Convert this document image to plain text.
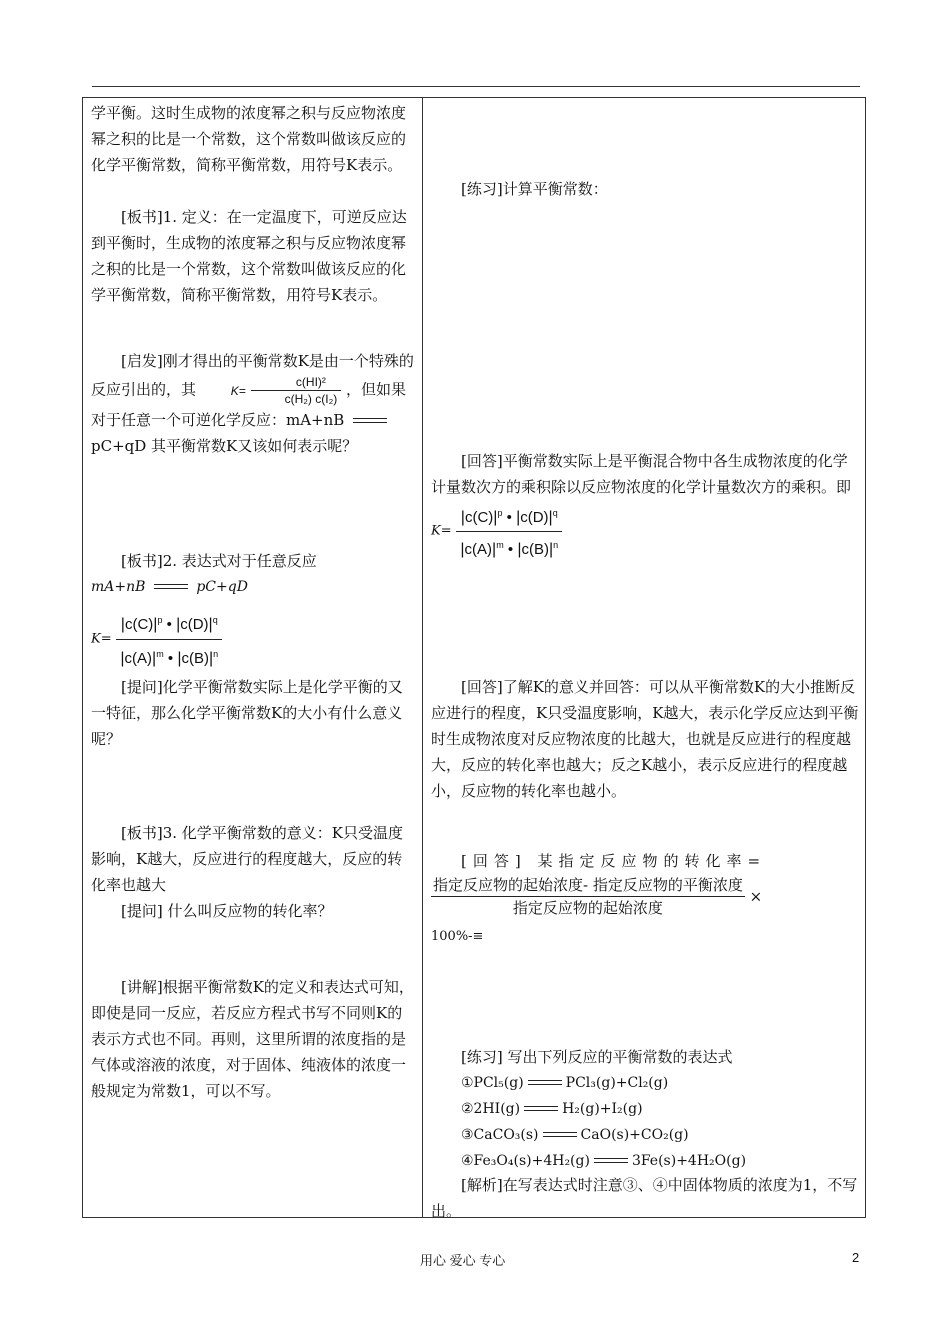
学平衡。这时生成物的浓度幂之积与反应物浓度幂之积的比是一个常数，这个常数叫做该反应的化学平衡常数，简称平衡常数，用符号K表示。
[板书]1. 定义：在一定温度下，可逆反应达到平衡时，生成物的浓度幂之积与反应物浓度幂之积的比是一个常数，这个常数叫做该反应的化学平衡常数，简称平衡常数，用符号K表示。
[启发]刚才得出的平衡常数K是由一个特殊的反应引出的，其	$K= \frac{\text{c(HI)²}}{\text{c(H₂) c(I₂)}}$ ，但如果对于任意一个可逆化学反应：mA+nB  pC+qD 其平衡常数K又该如何表示呢？
[板书]2. 表达式对于任意反应
mA+nB	pC+qD
$K= \frac{|c(C)|^p • |c(D)|^q}{|c(A)|^m • |c(B)|^n}$
[提问]化学平衡常数实际上是化学平衡的又一特征，那么化学平衡常数K的大小有什么意义呢？
[板书]3. 化学平衡常数的意义：K只受温度影响，K越大，反应进行的程度越大，反应的转化率也越大
[提问] 什么叫反应物的转化率？
[讲解]根据平衡常数K的定义和表达式可知，即使是同一反应，若反应方程式书写不同则K的表示方式也不同。再则，这里所谓的浓度指的是气体或溶液的浓度，对于固体、纯液体的浓度一般规定为常数1，可以不写。
[练习]计算平衡常数：
[回答]平衡常数实际上是平衡混合物中各生成物浓度的化学计量数次方的乘积除以反应物浓度的化学计量数次方的乘积。即 $K= \frac{|c(C)|^p • |c(D)|^q}{|c(A)|^m • |c(B)|^n}$
[回答]了解K的意义并回答：可以从平衡常数K的大小推断反应进行的程度，K只受温度影响，K越大，表示化学反应达到平衡时生成物浓度对反应物浓度的比越大，也就是反应进行的程度越大，反应的转化率也越大；反之K越小，表示反应进行的程度越小，反应物的转化率也越小。
[回答] 某指定反应物的转化率=
$\frac{\text{指定反应物的起始浓度- 指定反应物的平衡浓度}}{\text{指定反应物的起始浓度}}$ ×
100%-≡
[练习] 写出下列反应的平衡常数的表达式
①PCl₅(g)	PCl₃(g)+Cl₂(g)
②2HI(g)	H₂(g)+I₂(g)
③CaCO₃(s)	CaO(s)+CO₂(g)
④Fe₃O₄(s)+4H₂(g)	3Fe(s)+4H₂O(g)
[解析]在写表达式时注意③、④中固体物质的浓度为1，不写出。
用心 爱心 专心	2
